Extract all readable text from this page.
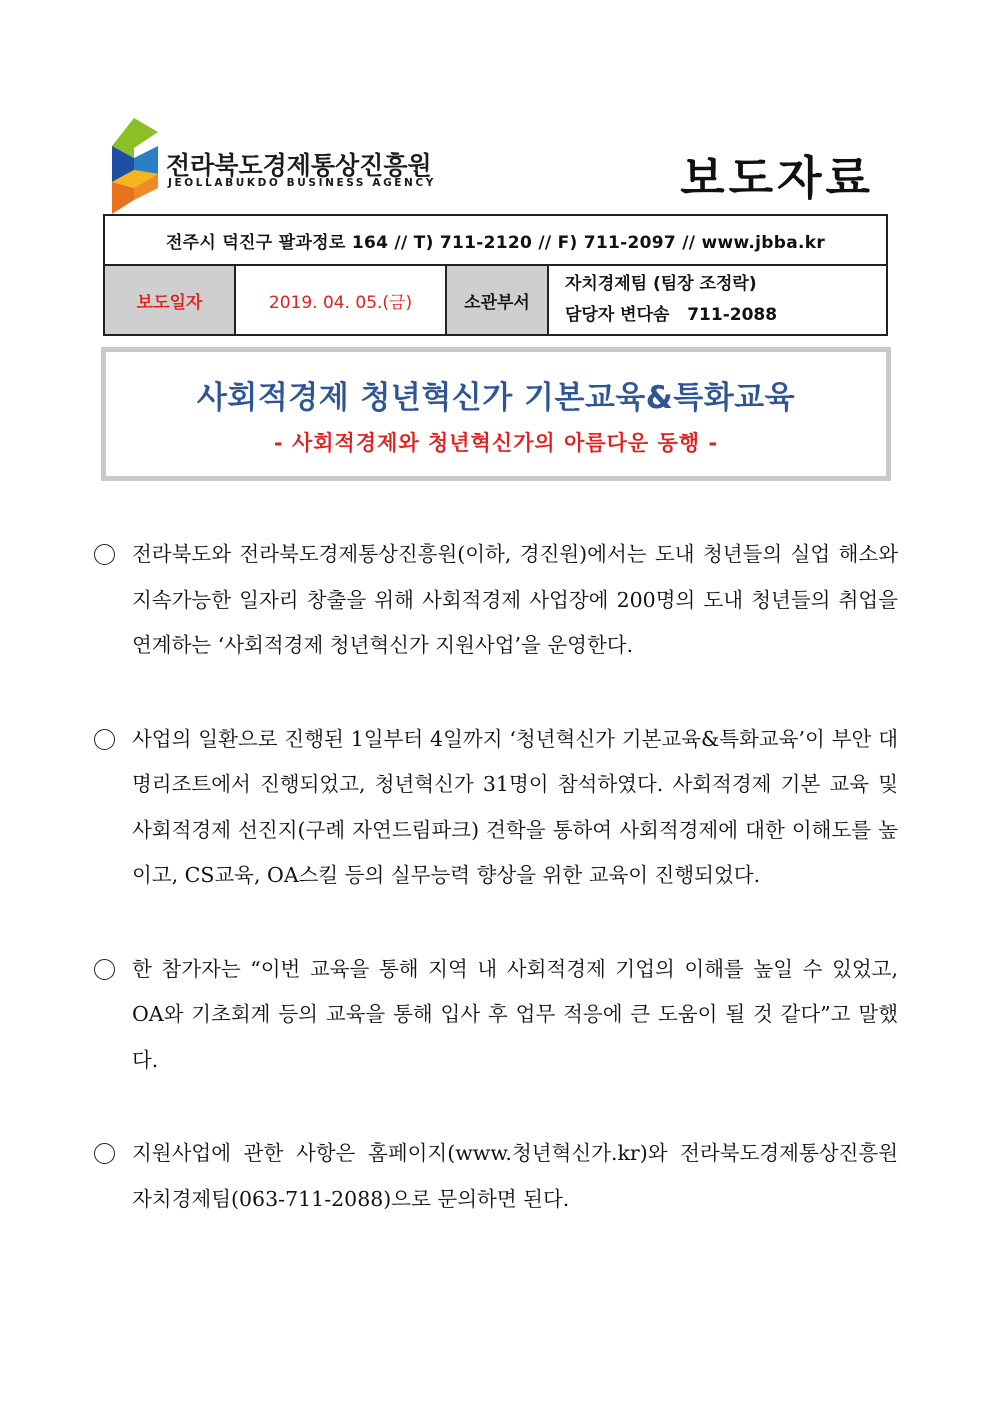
전라북도경제통상진흥원
JEOLLABUKDO BUSINESS AGENCY	보도자료
전주시 덕진구 팔과정로 164 // T) 711-2120 // F) 711-2097 // www.jbba.kr
보도일자	2019. 04. 05.(금)	소관부서	
자치경제팀 (팀장 조정락)
담당자 변다솜   711-2088
사회적경제 청년혁신가 기본교육&특화교육
- 사회적경제와 청년혁신가의 아름다운 동행 -
전라북도와 전라북도경제통상진흥원(이하, 경진원)에서는 도내 청년들의 실업 해소와 지속가능한 일자리 창출을 위해 사회적경제 사업장에 200명의 도내 청년들의 취업을 연계하는 ‘사회적경제 청년혁신가 지원사업’을 운영한다.
사업의 일환으로 진행된 1일부터 4일까지 ‘청년혁신가 기본교육&특화교육’이 부안 대명리조트에서 진행되었고, 청년혁신가 31명이 참석하였다. 사회적경제 기본 교육 및 사회적경제 선진지(구례 자연드림파크) 견학을 통하여 사회적경제에 대한 이해도를 높이고, CS교육, OA스킬 등의 실무능력 향상을 위한 교육이 진행되었다.
한 참가자는 “이번 교육을 통해 지역 내 사회적경제 기업의 이해를 높일 수 있었고, OA와 기초회계 등의 교육을 통해 입사 후 업무 적응에 큰 도움이 될 것 같다”고 말했다.
지원사업에 관한 사항은 홈페이지(www.청년혁신가.kr)와 전라북도경제통상진흥원 자치경제팀(063-711-2088)으로 문의하면 된다.
